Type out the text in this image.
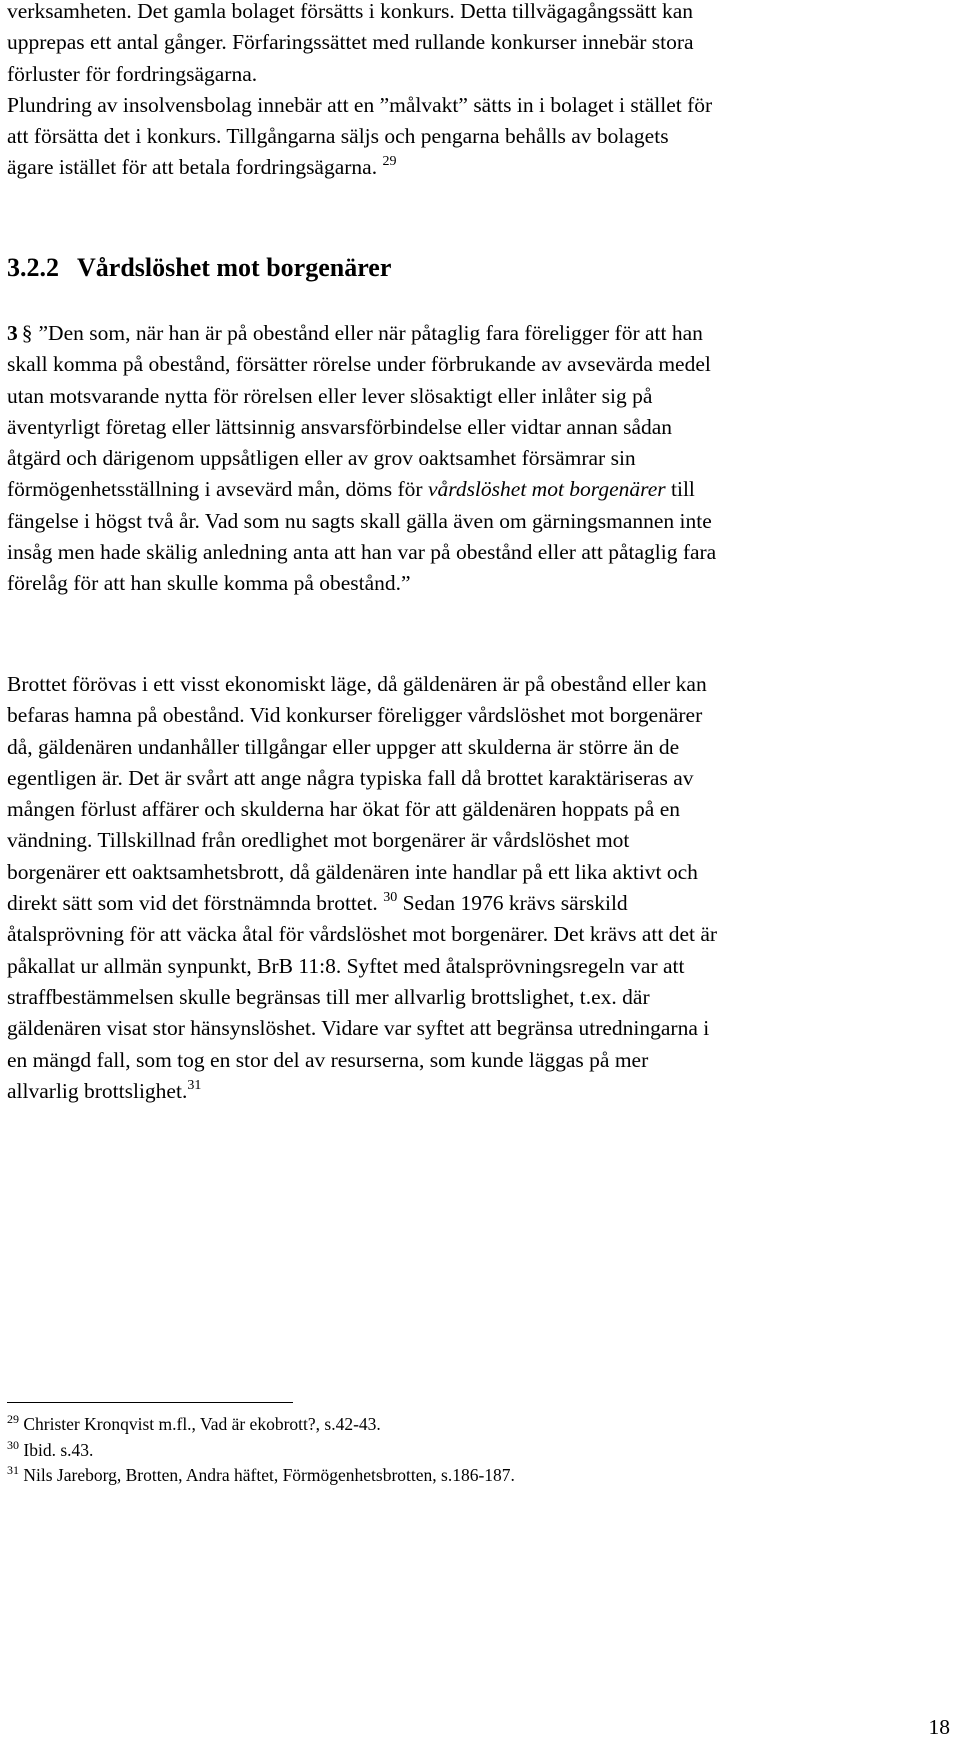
verksamheten. Det gamla bolaget försätts i konkurs. Detta tillvägagångssätt kan
upprepas ett antal gånger. Förfaringssättet med rullande konkurser innebär stora
förluster för fordringsägarna.
Plundring av insolvensbolag innebär att en ”målvakt” sätts in i bolaget i stället för
att försätta det i konkurs. Tillgångarna säljs och pengarna behålls av bolagets
ägare istället för att betala fordringsägarna. $^{29}$
3.2.2 Vårdslöshet mot borgenärer
3 § ”Den som, när han är på obestånd eller när påtaglig fara föreligger för att han
skall komma på obestånd, försätter rörelse under förbrukande av avsevärda medel
utan motsvarande nytta för rörelsen eller lever slösaktigt eller inlåter sig på
äventyrligt företag eller lättsinnig ansvarsförbindelse eller vidtar annan sådan
åtgärd och därigenom uppsåtligen eller av grov oaktsamhet försämrar sin
förmögenhetsställning i avsevärd mån, döms för vårdslöshet mot borgenärer till
fängelse i högst två år. Vad som nu sagts skall gälla även om gärningsmannen inte
insåg men hade skälig anledning anta att han var på obestånd eller att påtaglig fara
förelåg för att han skulle komma på obestånd.”
Brottet förövas i ett visst ekonomiskt läge, då gäldenären är på obestånd eller kan
befaras hamna på obestånd. Vid konkurser föreligger vårdslöshet mot borgenärer
då, gäldenären undanhåller tillgångar eller uppger att skulderna är större än de
egentligen är. Det är svårt att ange några typiska fall då brottet karaktäriseras av
mången förlust affärer och skulderna har ökat för att gäldenären hoppats på en
vändning. Tillskillnad från oredlighet mot borgenärer är vårdslöshet mot
borgenärer ett oaktsamhetsbrott, då gäldenären inte handlar på ett lika aktivt och
direkt sätt som vid det förstnämnda brottet. $^{30}$ Sedan 1976 krävs särskild
åtalsprövning för att väcka åtal för vårdslöshet mot borgenärer. Det krävs att det är
påkallat ur allmän synpunkt, BrB 11:8. Syftet med åtalsprövningsregeln var att
straffbestämmelsen skulle begränsas till mer allvarlig brottslighet, t.ex. där
gäldenären visat stor hänsynslöshet. Vidare var syftet att begränsa utredningarna i
en mängd fall, som tog en stor del av resurserna, som kunde läggas på mer
allvarlig brottslighet.$^{31}$
$^{29}$ Christer Kronqvist m.fl., Vad är ekobrott?, s.42-43.
$^{30}$ Ibid. s.43.
$^{31}$ Nils Jareborg, Brotten, Andra häftet, Förmögenhetsbrotten, s.186-187.
18
